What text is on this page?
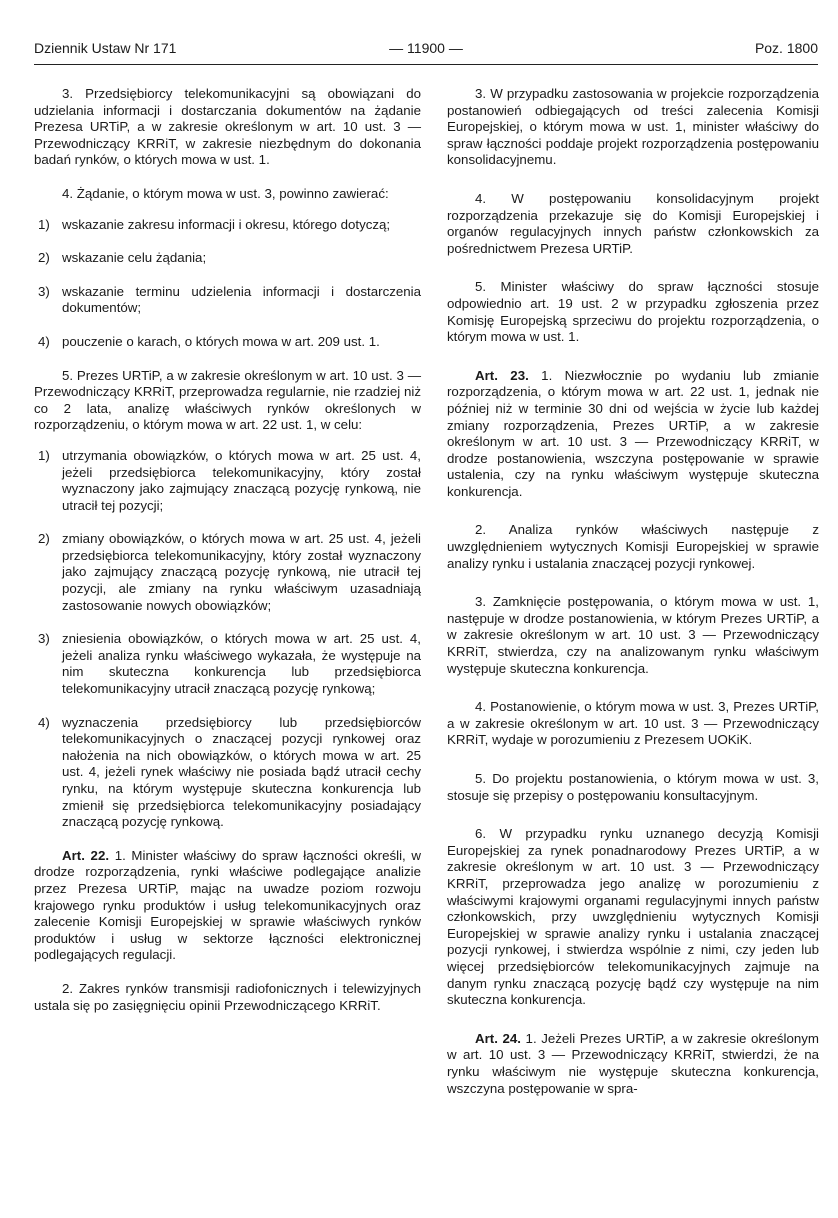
Dziennik Ustaw Nr 171	— 11900 —	Poz. 1800

3. Przedsiębiorcy telekomunikacyjni są obowiązani do udzielania informacji i dostarczania dokumentów na żądanie Prezesa URTiP, a w zakresie określonym w art. 10 ust. 3 — Przewodniczący KRRiT, w zakresie niezbędnym do dokonania badań rynków, o których mowa w ust. 1.

4. Żądanie, o którym mowa w ust. 3, powinno zawierać:

1) wskazanie zakresu informacji i okresu, którego dotyczą;
2) wskazanie celu żądania;
3) wskazanie terminu udzielenia informacji i dostarczenia dokumentów;
4) pouczenie o karach, o których mowa w art. 209 ust. 1.

5. Prezes URTiP, a w zakresie określonym w art. 10 ust. 3 — Przewodniczący KRRiT, przeprowadza regularnie, nie rzadziej niż co 2 lata, analizę właściwych rynków określonych w rozporządzeniu, o którym mowa w art. 22 ust. 1, w celu:

1) utrzymania obowiązków, o których mowa w art. 25 ust. 4, jeżeli przedsiębiorca telekomunikacyjny, który został wyznaczony jako zajmujący znaczącą pozycję rynkową, nie utracił tej pozycji;
2) zmiany obowiązków, o których mowa w art. 25 ust. 4, jeżeli przedsiębiorca telekomunikacyjny, który został wyznaczony jako zajmujący znaczącą pozycję rynkową, nie utracił tej pozycji, ale zmiany na rynku właściwym uzasadniają zastosowanie nowych obowiązków;
3) zniesienia obowiązków, o których mowa w art. 25 ust. 4, jeżeli analiza rynku właściwego wykazała, że występuje na nim skuteczna konkurencja lub przedsiębiorca telekomunikacyjny utracił znaczącą pozycję rynkową;
4) wyznaczenia przedsiębiorcy lub przedsiębiorców telekomunikacyjnych o znaczącej pozycji rynkowej oraz nałożenia na nich obowiązków, o których mowa w art. 25 ust. 4, jeżeli rynek właściwy nie posiada bądź utracił cechy rynku, na którym występuje skuteczna konkurencja lub zmienił się przedsiębiorca telekomunikacyjny posiadający znaczącą pozycję rynkową.

Art. 22. 1. Minister właściwy do spraw łączności określi, w drodze rozporządzenia, rynki właściwe podlegające analizie przez Prezesa URTiP, mając na uwadze poziom rozwoju krajowego rynku produktów i usług telekomunikacyjnych oraz zalecenie Komisji Europejskiej w sprawie właściwych rynków produktów i usług w sektorze łączności elektronicznej podlegających regulacji.

2. Zakres rynków transmisji radiofonicznych i telewizyjnych ustala się po zasięgnięciu opinii Przewodniczącego KRRiT.

3. W przypadku zastosowania w projekcie rozporządzenia postanowień odbiegających od treści zalecenia Komisji Europejskiej, o którym mowa w ust. 1, minister właściwy do spraw łączności poddaje projekt rozporządzenia postępowaniu konsolidacyjnemu.

4. W postępowaniu konsolidacyjnym projekt rozporządzenia przekazuje się do Komisji Europejskiej i organów regulacyjnych innych państw członkowskich za pośrednictwem Prezesa URTiP.

5. Minister właściwy do spraw łączności stosuje odpowiednio art. 19 ust. 2 w przypadku zgłoszenia przez Komisję Europejską sprzeciwu do projektu rozporządzenia, o którym mowa w ust. 1.

Art. 23. 1. Niezwłocznie po wydaniu lub zmianie rozporządzenia, o którym mowa w art. 22 ust. 1, jednak nie później niż w terminie 30 dni od wejścia w życie lub każdej zmiany rozporządzenia, Prezes URTiP, a w zakresie określonym w art. 10 ust. 3 — Przewodniczący KRRiT, w drodze postanowienia, wszczyna postępowanie w sprawie ustalenia, czy na rynku właściwym występuje skuteczna konkurencja.

2. Analiza rynków właściwych następuje z uwzględnieniem wytycznych Komisji Europejskiej w sprawie analizy rynku i ustalania znaczącej pozycji rynkowej.

3. Zamknięcie postępowania, o którym mowa w ust. 1, następuje w drodze postanowienia, w którym Prezes URTiP, a w zakresie określonym w art. 10 ust. 3 — Przewodniczący KRRiT, stwierdza, czy na analizowanym rynku właściwym występuje skuteczna konkurencja.

4. Postanowienie, o którym mowa w ust. 3, Prezes URTiP, a w zakresie określonym w art. 10 ust. 3 — Przewodniczący KRRiT, wydaje w porozumieniu z Prezesem UOKiK.

5. Do projektu postanowienia, o którym mowa w ust. 3, stosuje się przepisy o postępowaniu konsultacyjnym.

6. W przypadku rynku uznanego decyzją Komisji Europejskiej za rynek ponadnarodowy Prezes URTiP, a w zakresie określonym w art. 10 ust. 3 — Przewodniczący KRRiT, przeprowadza jego analizę w porozumieniu z właściwymi krajowymi organami regulacyjnymi innych państw członkowskich, przy uwzględnieniu wytycznych Komisji Europejskiej w sprawie analizy rynku i ustalania znaczącej pozycji rynkowej, i stwierdza wspólnie z nimi, czy jeden lub więcej przedsiębiorców telekomunikacyjnych zajmuje na danym rynku znaczącą pozycję bądź czy występuje na nim skuteczna konkurencja.

Art. 24. 1. Jeżeli Prezes URTiP, a w zakresie określonym w art. 10 ust. 3 — Przewodniczący KRRiT, stwierdzi, że na rynku właściwym nie występuje skuteczna konkurencja, wszczyna postępowanie w spra-
